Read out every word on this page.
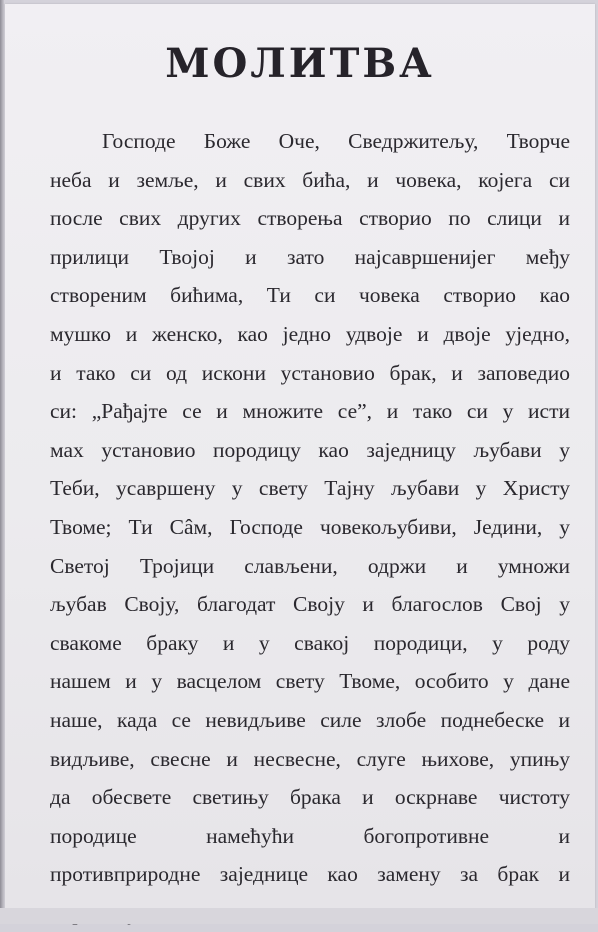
МОЛИТВА
Господе Боже Оче, Сведржитељу, Творче
неба и земље, и свих бића, и човека, којега си
после свих других створења створио по слици и
прилици Твојој и зато најсавршенијег међу
створеним бићима, Ти си човека створио као
мушко и женско, као једно удвоје и двоје уједно,
и тако си од искони установио брак, и заповедио
си: „Рађајте се и множите се”, и тако си у исти
мах установио породицу као заједницу љубави у
Теби, усавршену у свету Тајну љубави у Христу
Твоме; Ти Сâм, Господе човекољубиви, Једини, у
Светој Тројици слављени, одржи и умножи
љубав Своју, благодат Своју и благослов Свој у
свакоме браку и у свакој породици, у роду
нашем и у васцелом свету Твоме, особито у дане
наше, када се невидљиве силе злобе поднебеске и
видљиве, свесне и несвесне, слуге њихове, упињу
да обесвете светињу брака и оскрнаве чистоту
породице намећући богопротивне и
противприродне заједнице као замену за брак и
